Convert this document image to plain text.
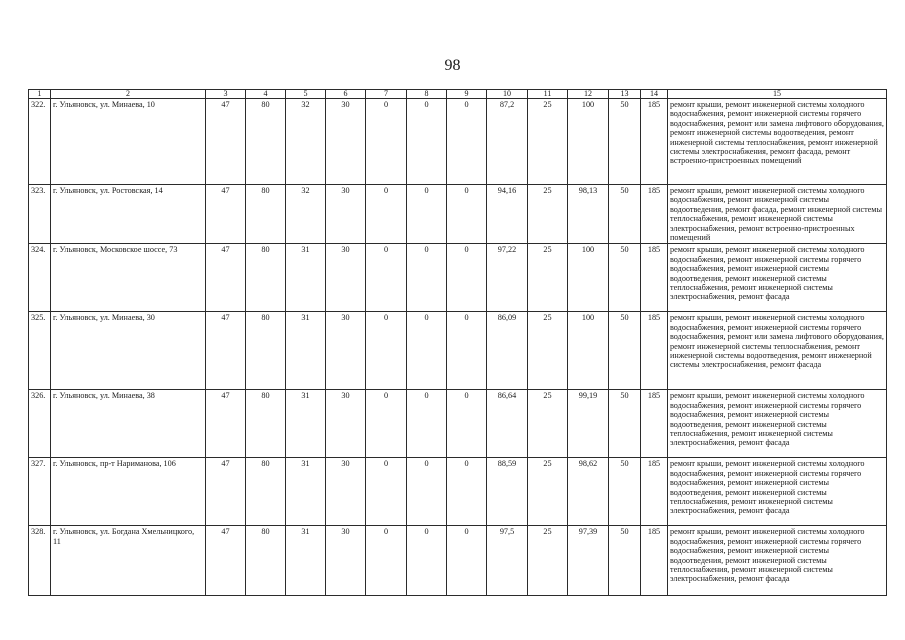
98
1	2	3	4	5	6	7	8	9	10	11	12	13	14	15
322.	г. Ульяновск, ул. Минаева, 10	47	80	32	30	0	0	0	87,2	25	100	50	185	ремонт крыши, ремонт инженерной системы холодного водоснабжения, ремонт инженерной системы горячего водоснабжения, ремонт или замена лифтового оборудования, ремонт инженерной системы водоотведения, ремонт инженерной системы теплоснабжения, ремонт инженерной системы электроснабжения, ремонт фасада, ремонт встроенно-пристроенных помещений
323.	г. Ульяновск, ул. Ростовская, 14	47	80	32	30	0	0	0	94,16	25	98,13	50	185	ремонт крыши, ремонт инженерной системы холодного водоснабжения, ремонт инженерной системы водоотведения, ремонт фасада, ремонт инженерной системы теплоснабжения, ремонт инженерной системы электроснабжения, ремонт встроенно-пристроенных помещений
324.	г. Ульяновск, Московское шоссе, 73	47	80	31	30	0	0	0	97,22	25	100	50	185	ремонт крыши, ремонт инженерной системы холодного водоснабжения, ремонт инженерной системы горячего водоснабжения, ремонт инженерной системы водоотведения, ремонт инженерной системы теплоснабжения, ремонт инженерной системы электроснабжения, ремонт фасада
325.	г. Ульяновск, ул. Минаева, 30	47	80	31	30	0	0	0	86,09	25	100	50	185	ремонт крыши, ремонт инженерной системы холодного водоснабжения, ремонт инженерной системы горячего водоснабжения, ремонт или замена лифтового оборудования, ремонт инженерной системы теплоснабжения, ремонт инженерной системы водоотведения, ремонт инженерной системы электроснабжения, ремонт фасада
326.	г. Ульяновск, ул. Минаева, 38	47	80	31	30	0	0	0	86,64	25	99,19	50	185	ремонт крыши, ремонт инженерной системы холодного водоснабжения, ремонт инженерной системы горячего водоснабжения, ремонт инженерной системы водоотведения, ремонт инженерной системы теплоснабжения, ремонт инженерной системы электроснабжения, ремонт фасада
327.	г. Ульяновск, пр-т Нариманова, 106	47	80	31	30	0	0	0	88,59	25	98,62	50	185	ремонт крыши, ремонт инженерной системы холодного водоснабжения, ремонт инженерной системы горячего водоснабжения, ремонт инженерной системы водоотведения, ремонт инженерной системы теплоснабжения, ремонт инженерной системы электроснабжения, ремонт фасада
328.	г. Ульяновск, ул. Богдана Хмельницкого, 11	47	80	31	30	0	0	0	97,5	25	97,39	50	185	ремонт крыши, ремонт инженерной системы холодного водоснабжения, ремонт инженерной системы горячего водоснабжения, ремонт инженерной системы водоотведения, ремонт инженерной системы теплоснабжения, ремонт инженерной системы электроснабжения, ремонт фасада
